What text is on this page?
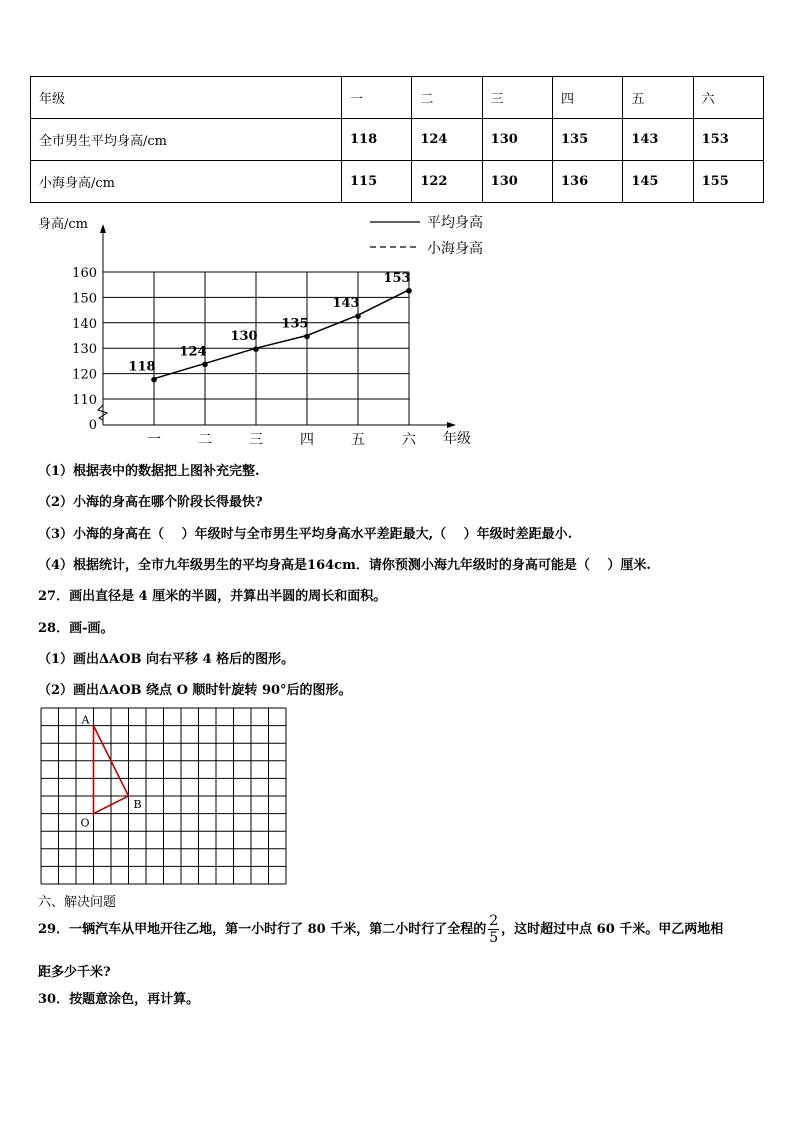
年级	一	二	三	四	五	六
全市男生平均身高/cm	118	124	130	135	143	153
小海身高/cm	115	122	130	136	145	155
一	二	三	四	五	六
身高/cm
年级
0
110
120
130
140
150
160
平均身高
小海身高
118
124
130
135
143
153
（1）根据表中的数据把上图补充完整.
（2）小海的身高在哪个阶段长得最快?
（3）小海的身高在（　 ）年级时与全市男生平均身高水平差距最大,（　 ）年级时差距最小.
（4）根据统计，全市九年级男生的平均身高是164cm．请你预测小海九年级时的身高可能是（　 ）厘米.
27．画出直径是 4 厘米的半圆，并算出半圆的周长和面积。
28．画-画。
（1）画出ΔAOB 向右平移 4 格后的图形。
（2）画出ΔAOB 绕点 O 顺时针旋转 90°后的图形。
A
O
B
六、解决问题
29．一辆汽车从甲地开往乙地，第一小时行了 80 千米，第二小时行了全程的 $\frac{2}{5}$ ，这时超过中点 60 千米。甲乙两地相
距多少千米?
30．按题意涂色，再计算。
